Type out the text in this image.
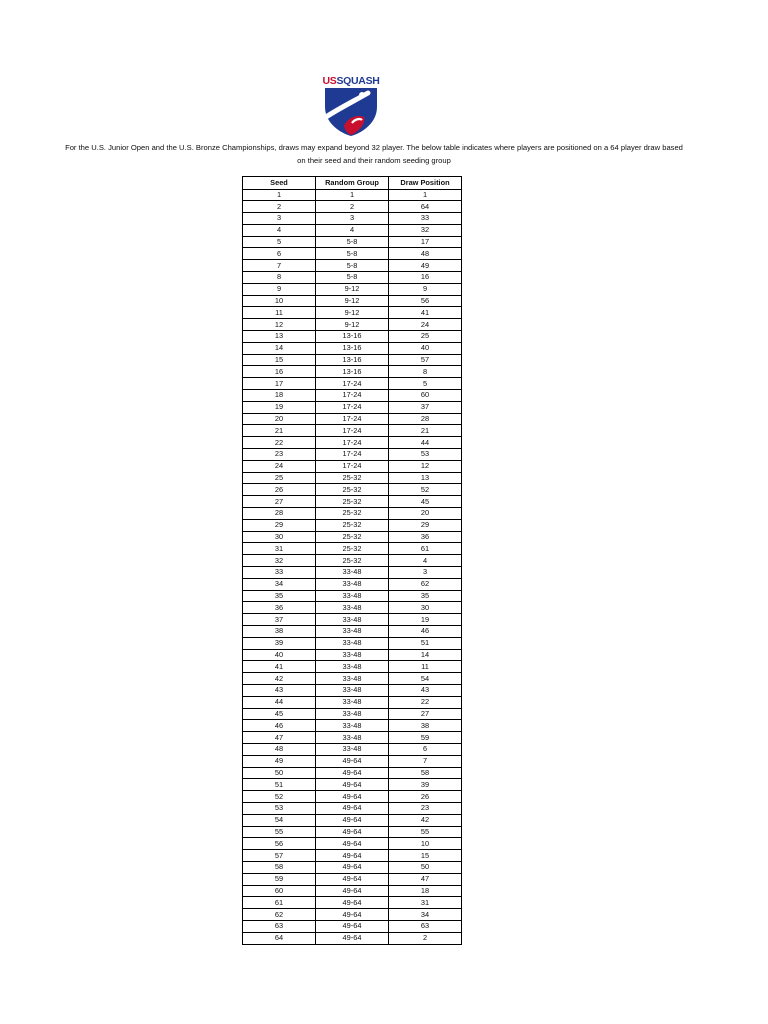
USSQUASH

For the U.S. Junior Open and the U.S. Bronze Championships, draws may expand beyond 32 player. The below table indicates where players are positioned on a 64 player draw based

on their seed and their random seeding group

Seed	Random Group	Draw Position
1	1	1
2	2	64
3	3	33
4	4	32
5	5-8	17
6	5-8	48
7	5-8	49
8	5-8	16
9	9-12	9
10	9-12	56
11	9-12	41
12	9-12	24
13	13-16	25
14	13-16	40
15	13-16	57
16	13-16	8
17	17-24	5
18	17-24	60
19	17-24	37
20	17-24	28
21	17-24	21
22	17-24	44
23	17-24	53
24	17-24	12
25	25-32	13
26	25-32	52
27	25-32	45
28	25-32	20
29	25-32	29
30	25-32	36
31	25-32	61
32	25-32	4
33	33-48	3
34	33-48	62
35	33-48	35
36	33-48	30
37	33-48	19
38	33-48	46
39	33-48	51
40	33-48	14
41	33-48	11
42	33-48	54
43	33-48	43
44	33-48	22
45	33-48	27
46	33-48	38
47	33-48	59
48	33-48	6
49	49-64	7
50	49-64	58
51	49-64	39
52	49-64	26
53	49-64	23
54	49-64	42
55	49-64	55
56	49-64	10
57	49-64	15
58	49-64	50
59	49-64	47
60	49-64	18
61	49-64	31
62	49-64	34
63	49-64	63
64	49-64	2
